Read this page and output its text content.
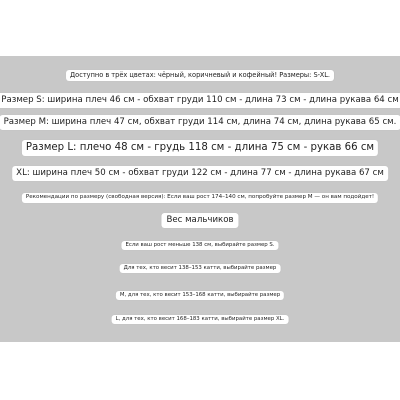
Доступно в трёх цветах: чёрный, коричневый и кофейный! Размеры: S-XL.
Размер S: ширина плеч 46 см - обхват груди 110 см - длина 73 см - длина рукава 64 см
Размер M: ширина плеч 47 см, обхват груди 114 см, длина 74 см, длина рукава 65 см.
Размер L: плечо 48 см - грудь 118 см - длина 75 см - рукав 66 см
XL: ширина плеч 50 см - обхват груди 122 см - длина 77 см - длина рукава 67 см
Рекомендации по размеру (свободная версия): Если ваш рост 174–140 см, попробуйте размер M — он вам подойдет!
Вес мальчиков
Если ваш рост меньше 138 см, выбирайте размер S.
Для тех, кто весит 138–153 катти, выбирайте размер
M, для тех, кто весит 153–168 катти, выбирайте размер
L, для тех, кто весит 168–183 катти, выбирайте размер XL.
